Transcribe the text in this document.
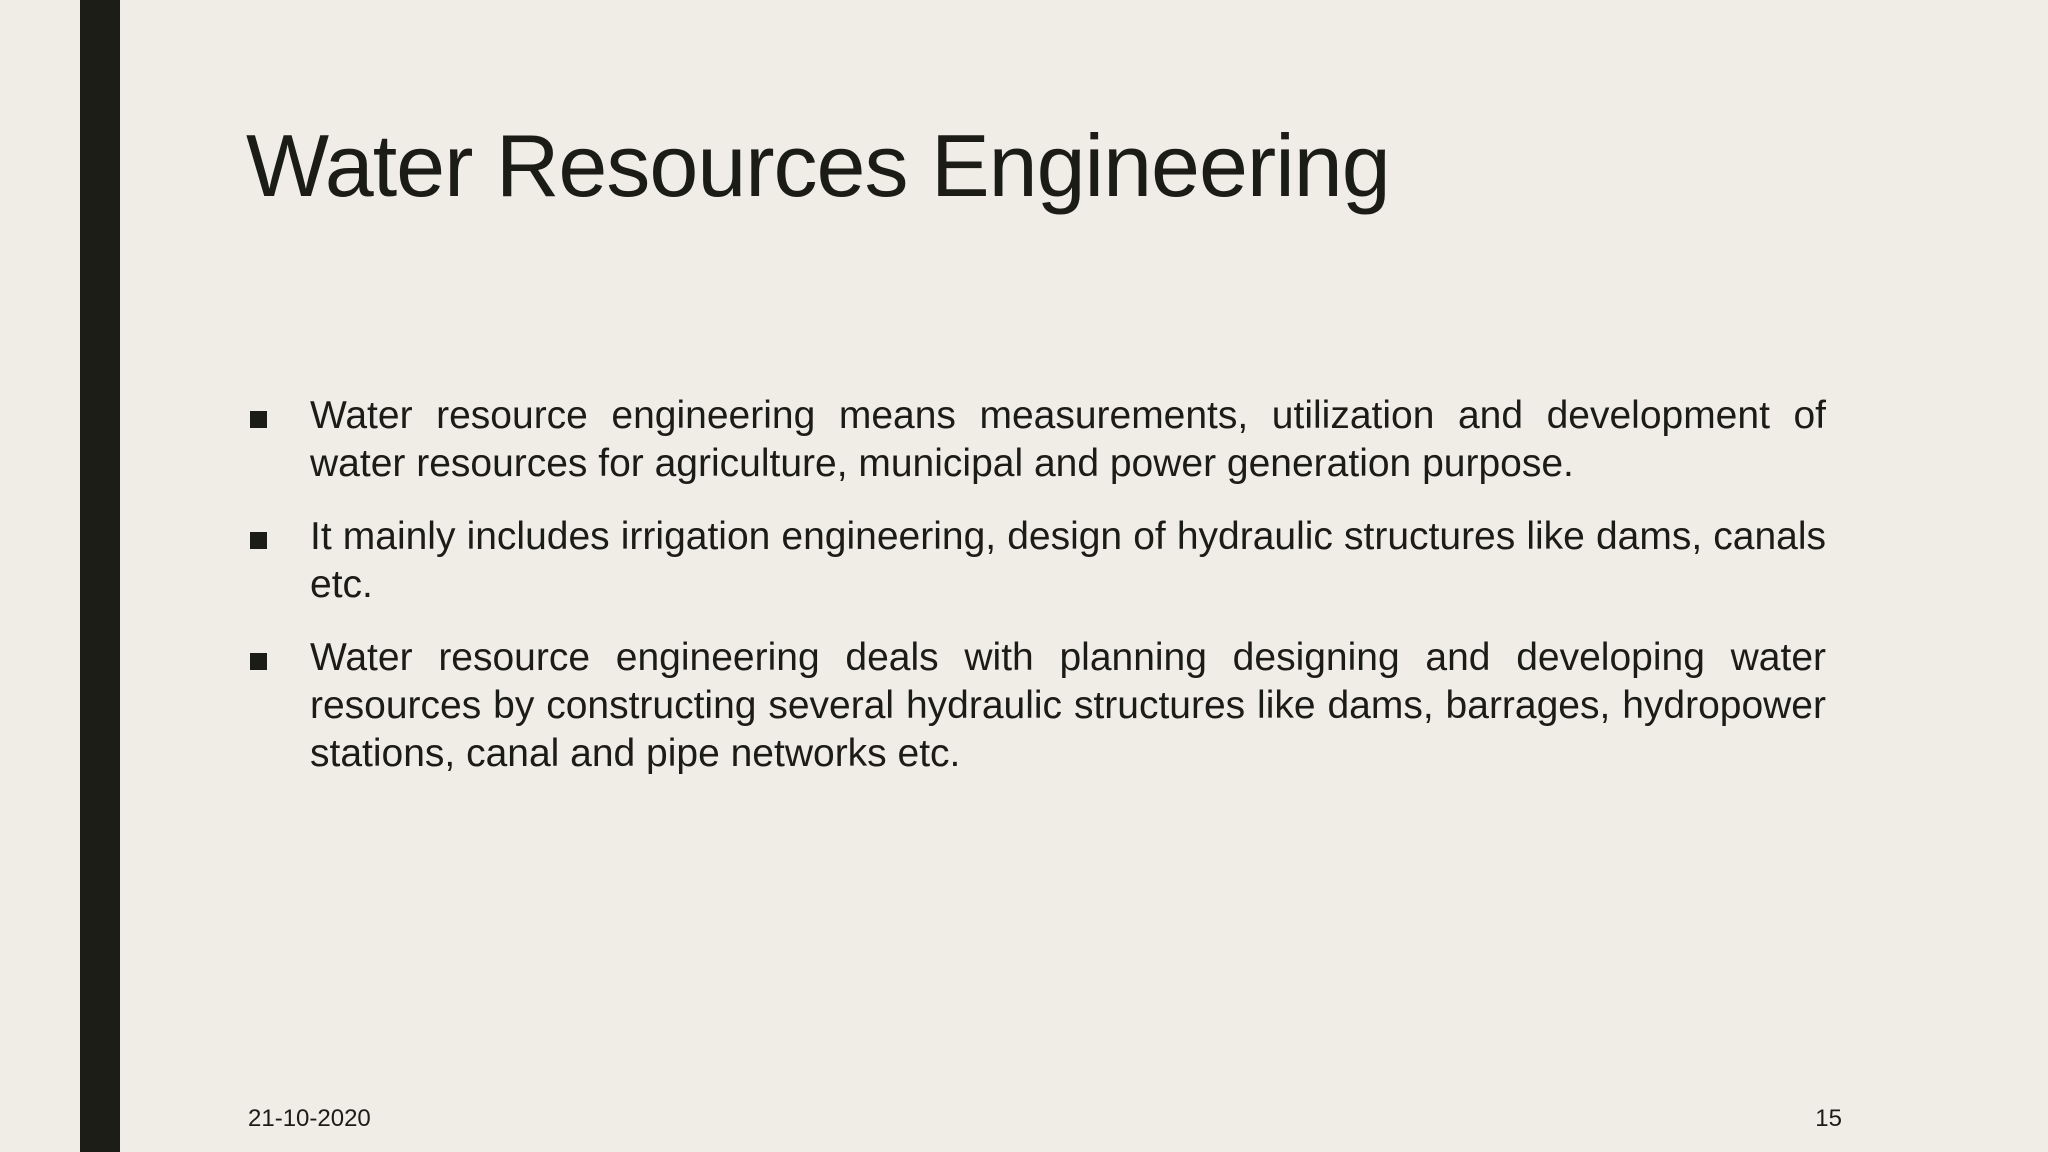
Water Resources Engineering
Water resource engineering means measurements, utilization and development of water resources for agriculture, municipal and power generation purpose.
It mainly includes irrigation engineering, design of hydraulic structures like dams, canals etc.
Water resource engineering deals with planning designing and developing water resources by constructing several hydraulic structures like dams, barrages, hydropower stations, canal and pipe networks etc.
21-10-2020	15
